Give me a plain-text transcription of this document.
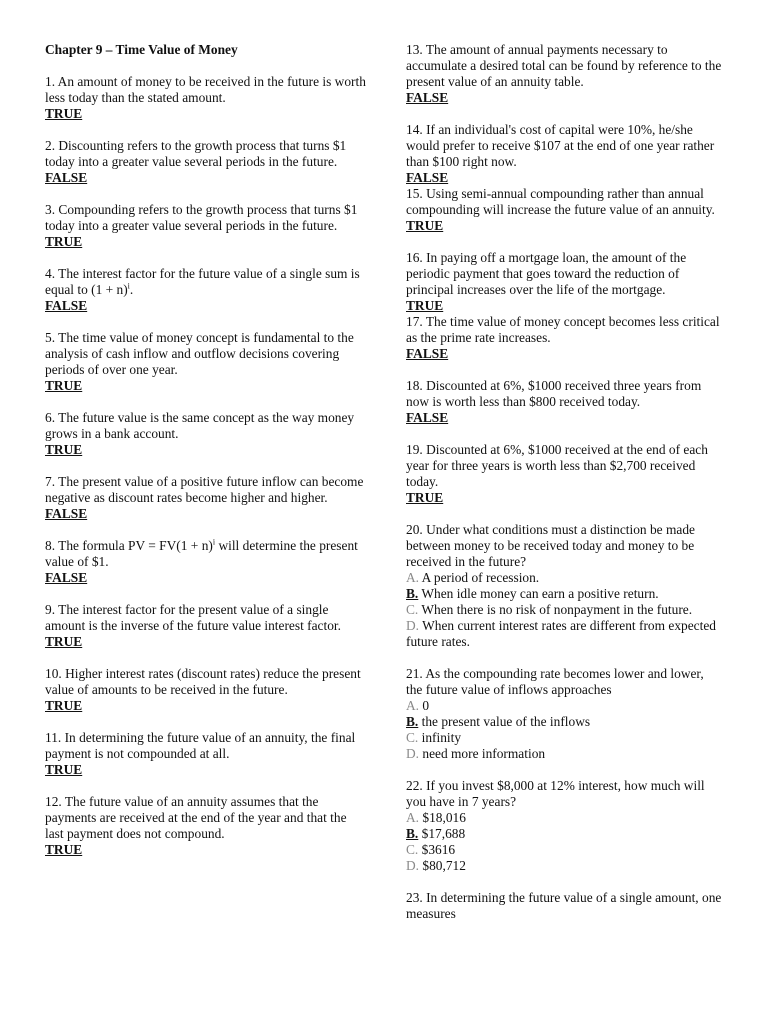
Chapter 9 – Time Value of Money

1. An amount of money to be received in the future is worth less today than the stated amount.
TRUE

2. Discounting refers to the growth process that turns $1 today into a greater value several periods in the future.
FALSE

3. Compounding refers to the growth process that turns $1 today into a greater value several periods in the future.
TRUE

4. The interest factor for the future value of a single sum is equal to $(1 + n)^i$.
FALSE

5. The time value of money concept is fundamental to the analysis of cash inflow and outflow decisions covering periods of over one year.
TRUE

6. The future value is the same concept as the way money grows in a bank account.
TRUE

7. The present value of a positive future inflow can become negative as discount rates become higher and higher.
FALSE

8. The formula PV = $FV(1 + n)^i$ will determine the present value of $1.
FALSE

9. The interest factor for the present value of a single amount is the inverse of the future value interest factor.
TRUE

10. Higher interest rates (discount rates) reduce the present value of amounts to be received in the future.
TRUE

11. In determining the future value of an annuity, the final payment is not compounded at all.
TRUE

12. The future value of an annuity assumes that the payments are received at the end of the year and that the last payment does not compound.
TRUE

13. The amount of annual payments necessary to accumulate a desired total can be found by reference to the present value of an annuity table.
FALSE

14. If an individual's cost of capital were 10%, he/she would prefer to receive $107 at the end of one year rather than $100 right now.
FALSE

15. Using semi-annual compounding rather than annual compounding will increase the future value of an annuity.
TRUE

16. In paying off a mortgage loan, the amount of the periodic payment that goes toward the reduction of principal increases over the life of the mortgage.
TRUE

17. The time value of money concept becomes less critical as the prime rate increases.
FALSE

18. Discounted at 6%, $1000 received three years from now is worth less than $800 received today.
FALSE

19. Discounted at 6%, $1000 received at the end of each year for three years is worth less than $2,700 received today.
TRUE

20. Under what conditions must a distinction be made between money to be received today and money to be received in the future?
A. A period of recession.
B. When idle money can earn a positive return.
C. When there is no risk of nonpayment in the future.
D. When current interest rates are different from expected future rates.
21. As the compounding rate becomes lower and lower, the future value of inflows approaches
A. 0
B. the present value of the inflows
C. infinity
D. need more information
22. If you invest $8,000 at 12% interest, how much will you have in 7 years?
A. $18,016
B. $17,688
C. $3616
D. $80,712
23. In determining the future value of a single amount, one measures
